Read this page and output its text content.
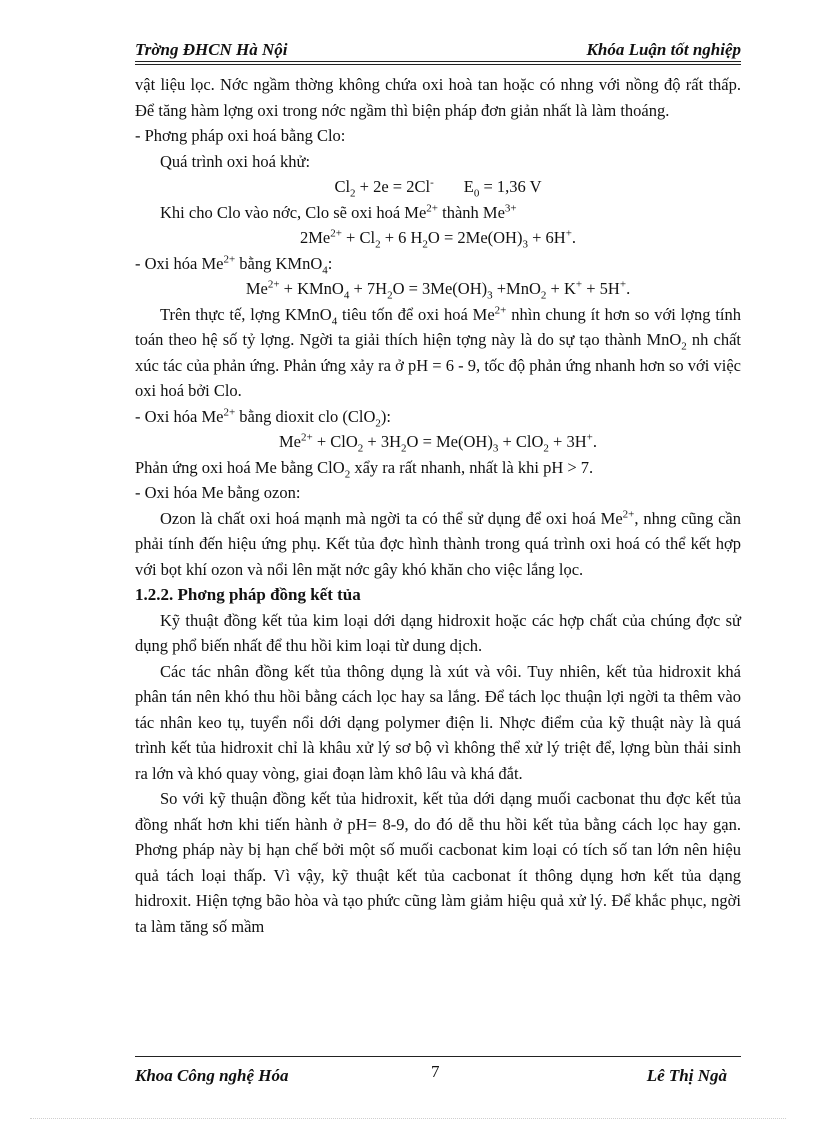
Trờng ĐHCN Hà Nội	Khóa Luận tốt nghiệp

vật liệu lọc. Nớc ngầm thờng không chứa oxi hoà tan hoặc có nhng với nồng độ rất thấp. Để tăng hàm lợng oxi trong nớc ngầm thì biện pháp đơn giản nhất là làm thoáng.

- Phơng pháp oxi hoá bằng Clo:

Quá trình oxi hoá khử:

$Cl_2 + 2e = 2Cl^-$ $E_0 = 1,36$ V

Khi cho Clo vào nớc, Clo sẽ oxi hoá $Me^{2+}$ thành $Me^{3+}$

$2Me^{2+} + Cl_2 + 6$ $H_2O = 2Me(OH)_3 + 6H^+$.

- Oxi hóa $Me^{2+}$ bằng KMnO$_4$:

$Me^{2+}$ + KMnO$_4$ + $7H_2O = 3Me(OH)_3 +MnO_2 + K^+ + 5H^+$.

Trên thực tế, lợng KMnO$_4$ tiêu tốn để oxi hoá $Me^{2+}$ nhìn chung ít hơn so với lợng tính toán theo hệ số tỷ lợng. Ngời ta giải thích hiện tợng này là do sự tạo thành MnO$_2$ nh chất xúc tác của phản ứng. Phản ứng xảy ra ở pH = 6 - 9, tốc độ phản ứng nhanh hơn so với việc oxi hoá bởi Clo.

- Oxi hóa $Me^{2+}$ bằng dioxit clo (ClO$_2$):

$Me^{2+} + ClO_2 + 3H_2O = Me(OH)_3 + ClO_2 + 3H^+$.

Phản ứng oxi hoá Me bằng ClO$_2$ xẩy ra rất nhanh, nhất là khi pH > 7.

- Oxi hóa Me bằng ozon:

Ozon là chất oxi hoá mạnh mà ngời ta có thể sử dụng để oxi hoá $Me^{2+}$, nhng cũng cần phải tính đến hiệu ứng phụ. Kết tủa đợc hình thành trong quá trình oxi hoá có thể kết hợp với bọt khí ozon và nổi lên mặt nớc gây khó khăn cho việc lắng lọc.

1.2.2. Phơng pháp đồng kết tủa

Kỹ thuật đồng kết tủa kim loại dới dạng hidroxit hoặc các hợp chất của chúng đợc sử dụng phổ biến nhất để thu hồi kim loại từ dung dịch.

Các tác nhân đồng kết tủa thông dụng là xút và vôi. Tuy nhiên, kết tủa hidroxit khá phân tán nên khó thu hồi bằng cách lọc hay sa lắng. Để tách lọc thuận lợi ngời ta thêm vào tác nhân keo tụ, tuyển nổi dới dạng polymer điện li. Nhợc điểm của kỹ thuật này là quá trình kết tủa hidroxit chỉ là khâu xử lý sơ bộ vì không thể xử lý triệt để, lợng bùn thải sinh ra lớn và khó quay vòng, giai đoạn làm khô lâu và khá đắt.

So với kỹ thuận đồng kết tủa hidroxit, kết tủa dới dạng muối cacbonat thu đợc kết tủa đồng nhất hơn khi tiến hành ở pH= 8-9, do đó dễ thu hồi kết tủa bằng cách lọc hay gạn. Phơng pháp này bị hạn chế bởi một số muối cacbonat kim loại có tích số tan lớn nên hiệu quả tách loại thấp. Vì vậy, kỹ thuật kết tủa cacbonat ít thông dụng hơn kết tủa dạng hidroxit. Hiện tợng bão hòa và tạo phức cũng làm giảm hiệu quả xử lý. Để khắc phục, ngời ta làm tăng số mầm

Khoa Công nghệ Hóa	7	Lê Thị Ngà
